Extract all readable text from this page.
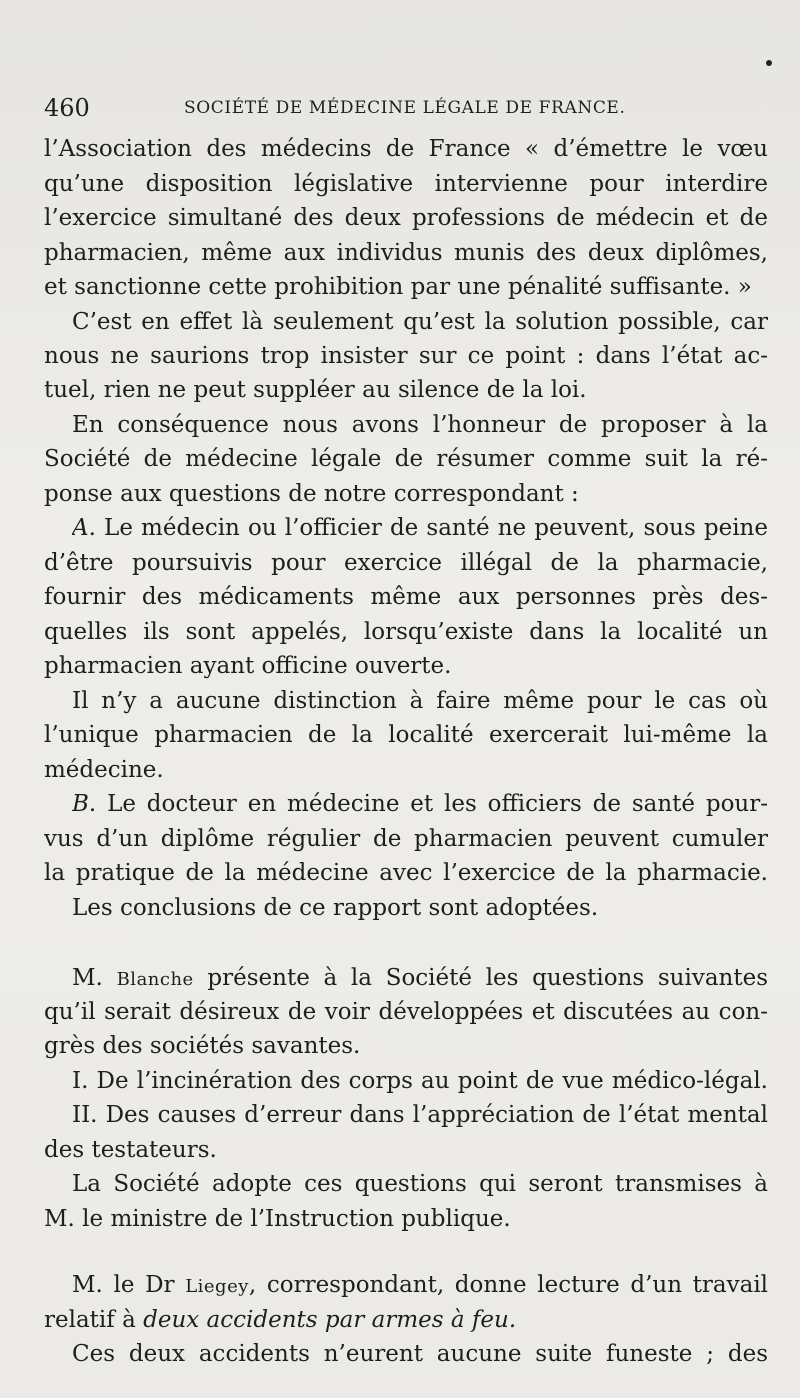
460	SOCIÉTÉ DE MÉDECINE LÉGALE DE FRANCE.
l’Association des médecins de France « d’émettre le vœu
qu’une disposition législative intervienne pour interdire
l’exercice simultané des deux professions de médecin et de
pharmacien, même aux individus munis des deux diplômes,
et sanctionne cette prohibition par une pénalité suffisante. »
C’est en effet là seulement qu’est la solution possible, car
nous ne saurions trop insister sur ce point : dans l’état ac-
tuel, rien ne peut suppléer au silence de la loi.
En conséquence nous avons l’honneur de proposer à la
Société de médecine légale de résumer comme suit la ré-
ponse aux questions de notre correspondant :
A. Le médecin ou l’officier de santé ne peuvent, sous peine
d’être poursuivis pour exercice illégal de la pharmacie,
fournir des médicaments même aux personnes près des-
quelles ils sont appelés, lorsqu’existe dans la localité un
pharmacien ayant officine ouverte.
Il n’y a aucune distinction à faire même pour le cas où
l’unique pharmacien de la localité exercerait lui-même la
médecine.
B. Le docteur en médecine et les officiers de santé pour-
vus d’un diplôme régulier de pharmacien peuvent cumuler
la pratique de la médecine avec l’exercice de la pharmacie.
Les conclusions de ce rapport sont adoptées.
M. Blanche présente à la Société les questions suivantes
qu’il serait désireux de voir développées et discutées au con-
grès des sociétés savantes.
I. De l’incinération des corps au point de vue médico-légal.
II. Des causes d’erreur dans l’appréciation de l’état mental
des testateurs.
La Société adopte ces questions qui seront transmises à
M. le ministre de l’Instruction publique.
M. le Dr Liegey, correspondant, donne lecture d’un travail
relatif à deux accidents par armes à feu.
Ces deux accidents n’eurent aucune suite funeste ; des
